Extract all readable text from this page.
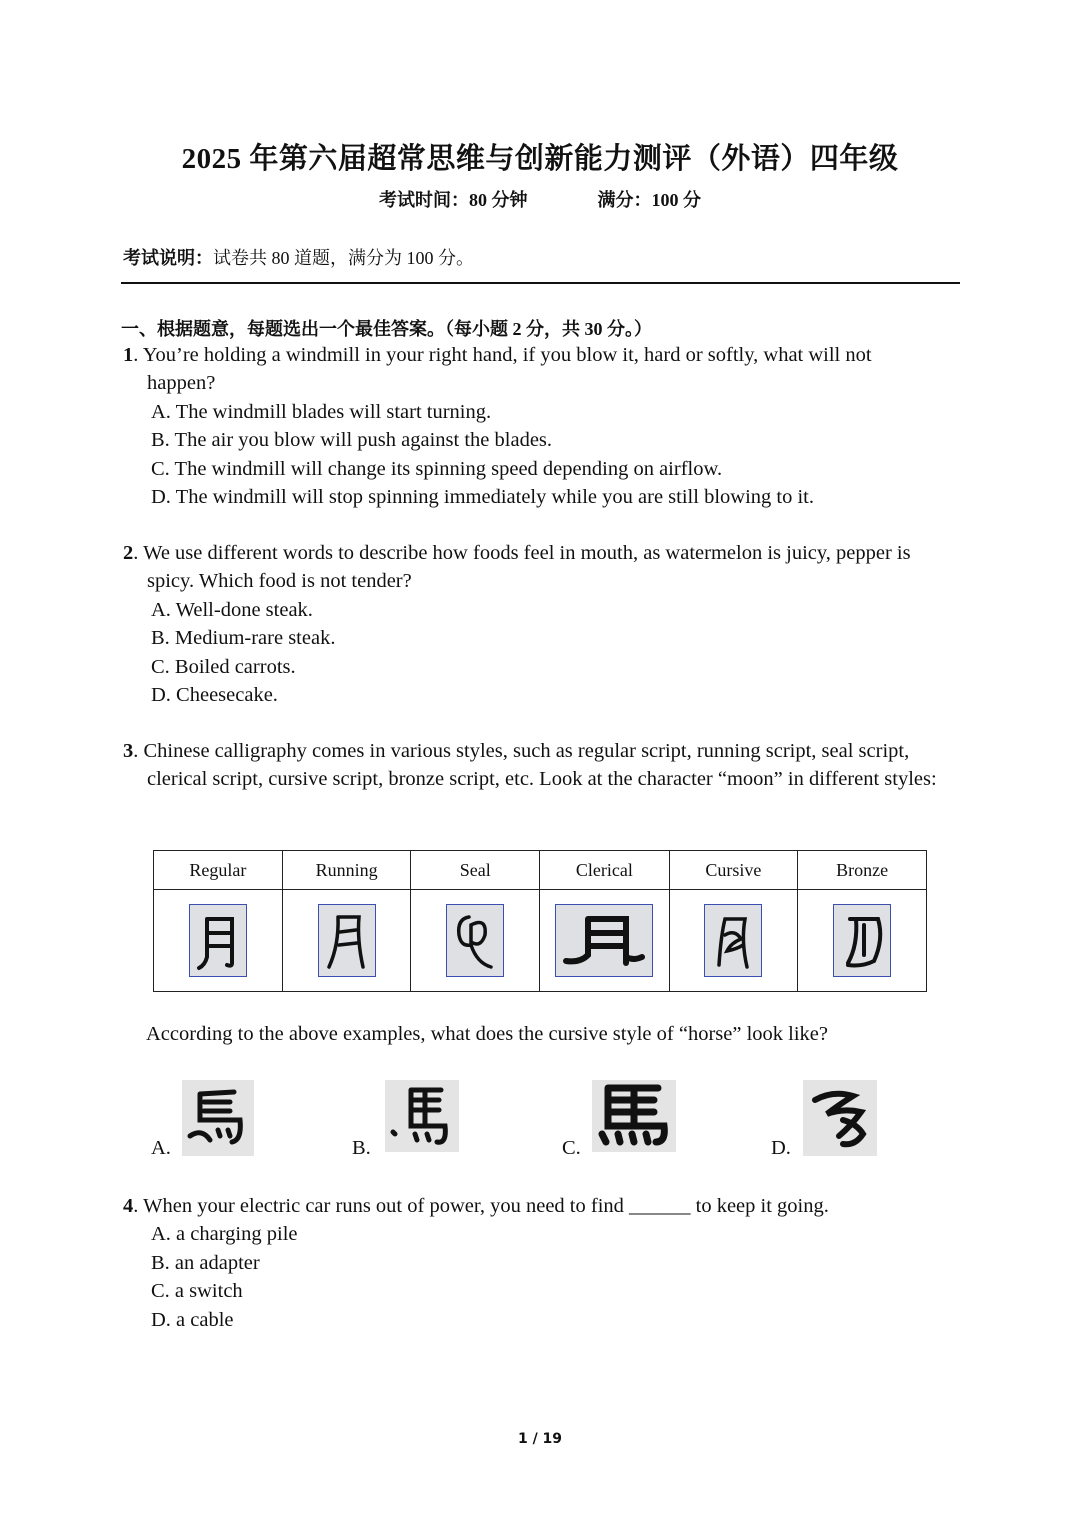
2025 年第六届超常思维与创新能力测评（外语）四年级
考试时间：80 分钟	满分：100 分
考试说明：试卷共 80 道题，满分为 100 分。
一、根据题意，每题选出一个最佳答案。（每小题 2 分，共 30 分。）
1. You’re holding a windmill in your right hand, if you blow it, hard or softly, what will not
happen?
A. The windmill blades will start turning.
B. The air you blow will push against the blades.
C. The windmill will change its spinning speed depending on airflow.
D. The windmill will stop spinning immediately while you are still blowing to it.
2. We use different words to describe how foods feel in mouth, as watermelon is juicy, pepper is
spicy. Which food is not tender?
A. Well-done steak.
B. Medium-rare steak.
C. Boiled carrots.
D. Cheesecake.
3. Chinese calligraphy comes in various styles, such as regular script, running script, seal script,
clerical script, cursive script, bronze script, etc. Look at the character “moon” in different styles:
Regular	Running	Seal	Clerical	Cursive	Bronze

According to the above examples, what does the cursive style of “horse” look like?
A.	B.	C.	D.
4. When your electric car runs out of power, you need to find ______ to keep it going.
A. a charging pile
B. an adapter
C. a switch
D. a cable
1 / 19
